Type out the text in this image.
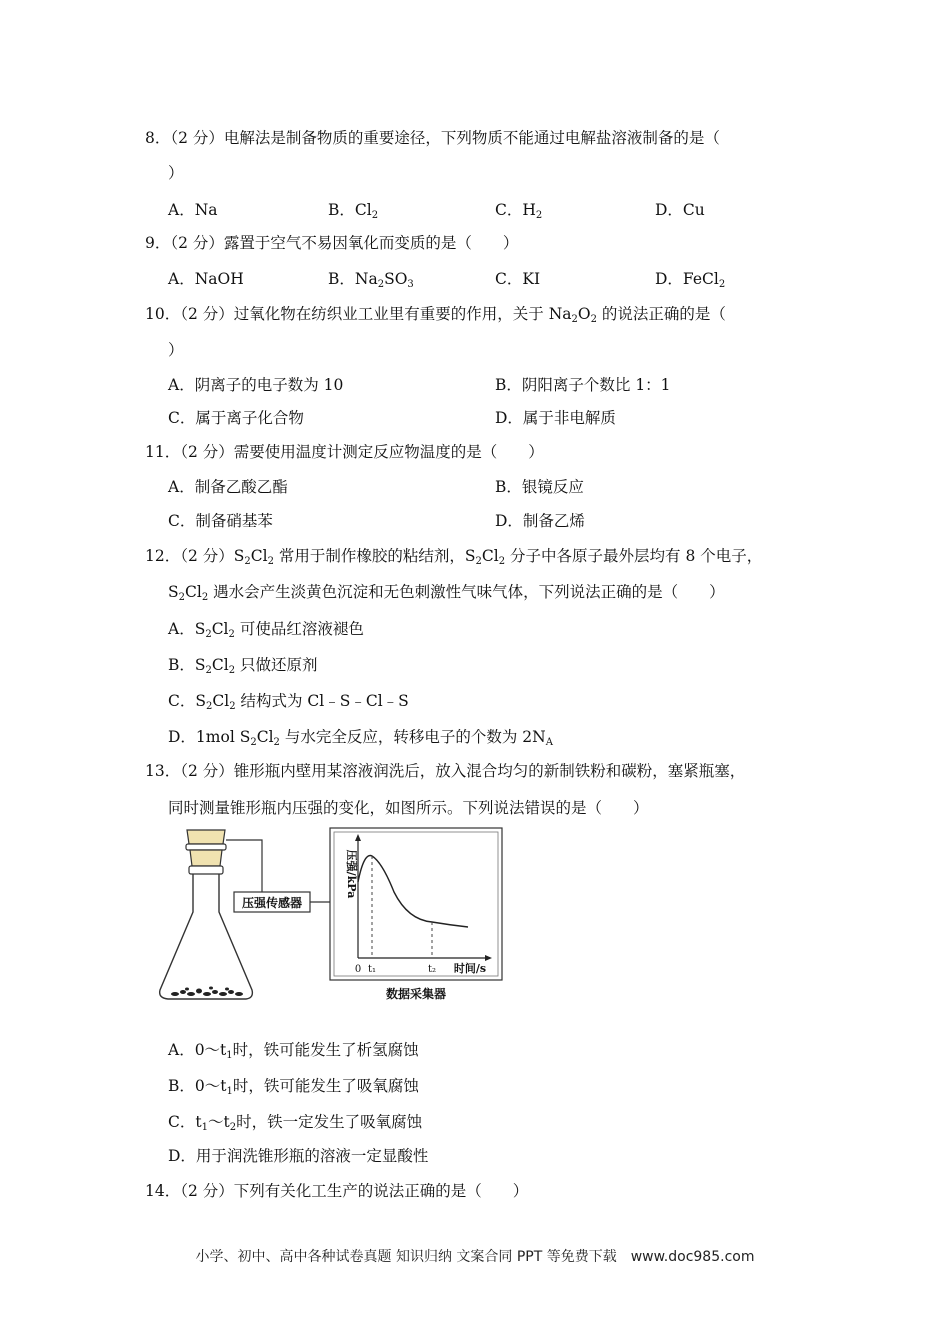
8．（2 分）电解法是制备物质的重要途径，下列物质不能通过电解盐溶液制备的是（
）
A．Na	B．$Cl_2$	C．$H_2$	D．Cu
9．（2 分）露置于空气不易因氧化而变质的是（　　）
A．NaOH	B．$Na_2SO_3$	C．KI	D．FeCl$_2$
10．（2 分）过氧化物在纺织业工业里有重要的作用，关于 $Na_2O_2$ 的说法正确的是（
）
A．阴离子的电子数为 10	B．阴阳离子个数比 1：1
C．属于离子化合物	D．属于非电解质
11．（2 分）需要使用温度计测定反应物温度的是（　　）
A．制备乙酸乙酯	B．银镜反应
C．制备硝基苯	D．制备乙烯
12．（2 分）$S_2Cl_2$ 常用于制作橡胶的粘结剂，$S_2Cl_2$ 分子中各原子最外层均有 8 个电子，
$S_2Cl_2$ 遇水会产生淡黄色沉淀和无色刺激性气味气体，下列说法正确的是（　　）
A．$S_2Cl_2$ 可使品红溶液褪色
B．$S_2Cl_2$ 只做还原剂
C．$S_2Cl_2$ 结构式为 Cl﹣S﹣Cl﹣S
D．1mol $S_2Cl_2$ 与水完全反应，转移电子的个数为 $2N_A$
13．（2 分）锥形瓶内壁用某溶液润洗后，放入混合均匀的新制铁粉和碳粉，塞紧瓶塞，
同时测量锥形瓶内压强的变化，如图所示。下列说法错误的是（　　）
压强传感器
压强/kPa
0 t₁	t₂ 时间/s
数据采集器
A．$0\sim t_1$时，铁可能发生了析氢腐蚀
B．$0\sim t_1$时，铁可能发生了吸氧腐蚀
C．$t_1\sim t_2$时，铁一定发生了吸氧腐蚀
D．用于润洗锥形瓶的溶液一定显酸性
14．（2 分）下列有关化工生产的说法正确的是（　　）
小学、初中、高中各种试卷真题 知识归纳 文案合同 PPT 等免费下载　www.doc985.com
